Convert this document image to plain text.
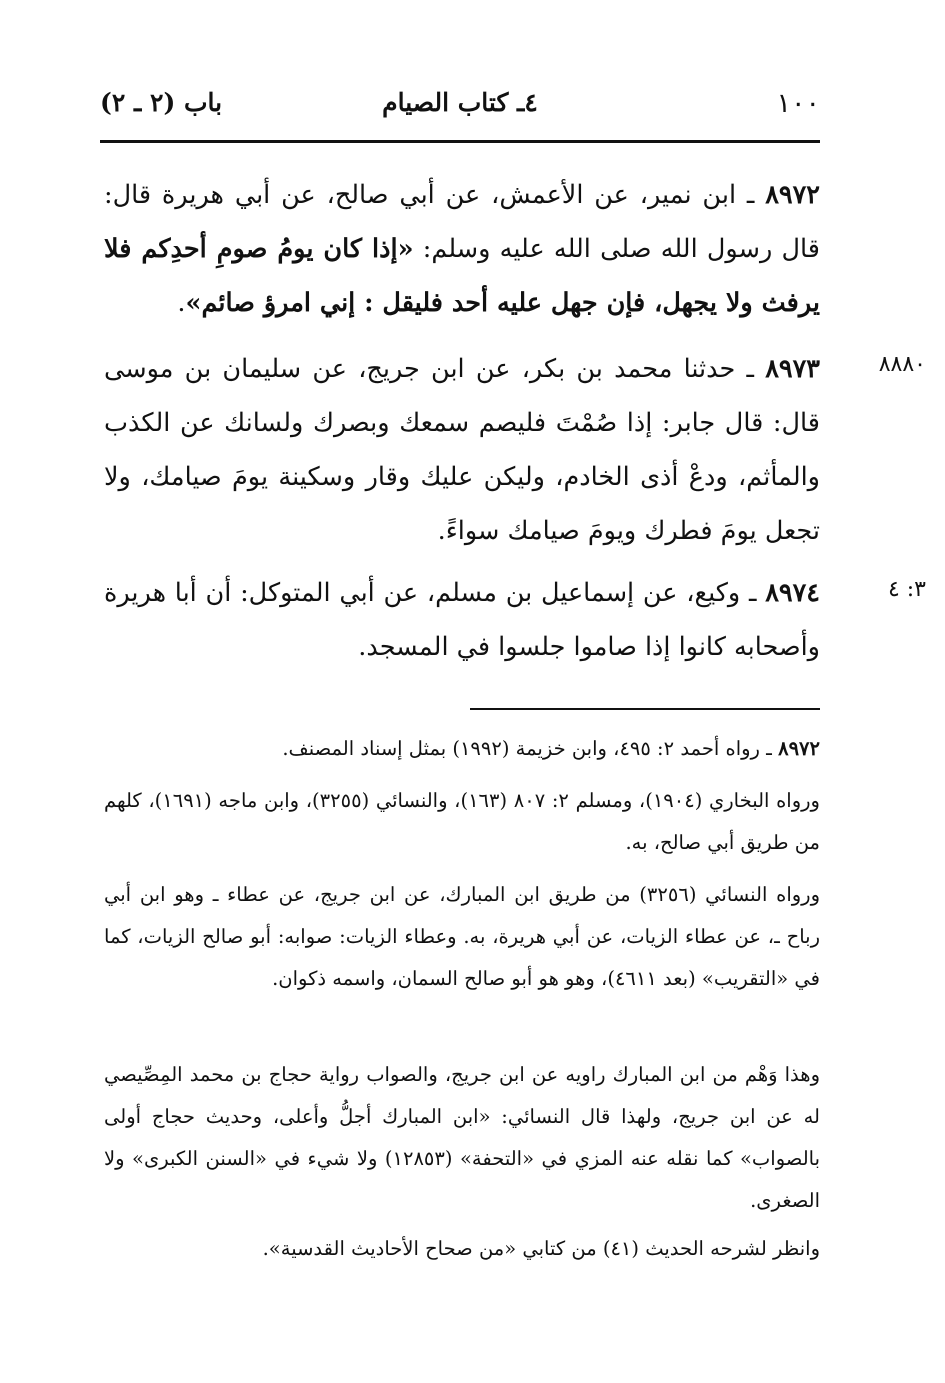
١٠٠
٤ـ كتاب الصيام
باب (٢ ـ ٢)
٨٩٧٢ ـ ابن نمير، عن الأعمش، عن أبي صالح، عن أبي هريرة قال: قال رسول الله صلى الله عليه وسلم: «إذا كان يومُ صومِ أحدِكم فلا يرفث ولا يجهل، فإن جهل عليه أحد فليقل : إني امرؤ صائم».
٨٨٨٠
٨٩٧٣ ـ حدثنا محمد بن بكر، عن ابن جريج، عن سليمان بن موسى قال: قال جابر: إذا صُمْتَ فليصم سمعك وبصرك ولسانك عن الكذب والمأثم، ودعْ أذى الخادم، وليكن عليك وقار وسكينة يومَ صيامك، ولا تجعل يومَ فطرك ويومَ صيامك سواءً.
٣: ٤
٨٩٧٤ ـ وكيع، عن إسماعيل بن مسلم، عن أبي المتوكل: أن أبا هريرة وأصحابه كانوا إذا صاموا جلسوا في المسجد.
٨٩٧٢ ـ رواه أحمد ٢: ٤٩٥، وابن خزيمة (١٩٩٢) بمثل إسناد المصنف.
ورواه البخاري (١٩٠٤)، ومسلم ٢: ٨٠٧ (١٦٣)، والنسائي (٣٢٥٥)، وابن ماجه (١٦٩١)، كلهم من طريق أبي صالح، به.
ورواه النسائي (٣٢٥٦) من طريق ابن المبارك، عن ابن جريج، عن عطاء ـ وهو ابن أبي رباح ـ، عن عطاء الزيات، عن أبي هريرة، به. وعطاء الزيات: صوابه: أبو صالح الزيات، كما في «التقريب» (بعد ٤٦١١)، وهو هو أبو صالح السمان، واسمه ذكوان.
وهذا وَهْم من ابن المبارك راويه عن ابن جريج، والصواب رواية حجاج بن محمد المِصِّيصي له عن ابن جريج، ولهذا قال النسائي: «ابن المبارك أجلُّ وأعلى، وحديث حجاج أولى بالصواب» كما نقله عنه المزي في «التحفة» (١٢٨٥٣) ولا شيء في «السنن الكبرى» ولا الصغرى.
وانظر لشرحه الحديث (٤١) من كتابي «من صحاح الأحاديث القدسية».
